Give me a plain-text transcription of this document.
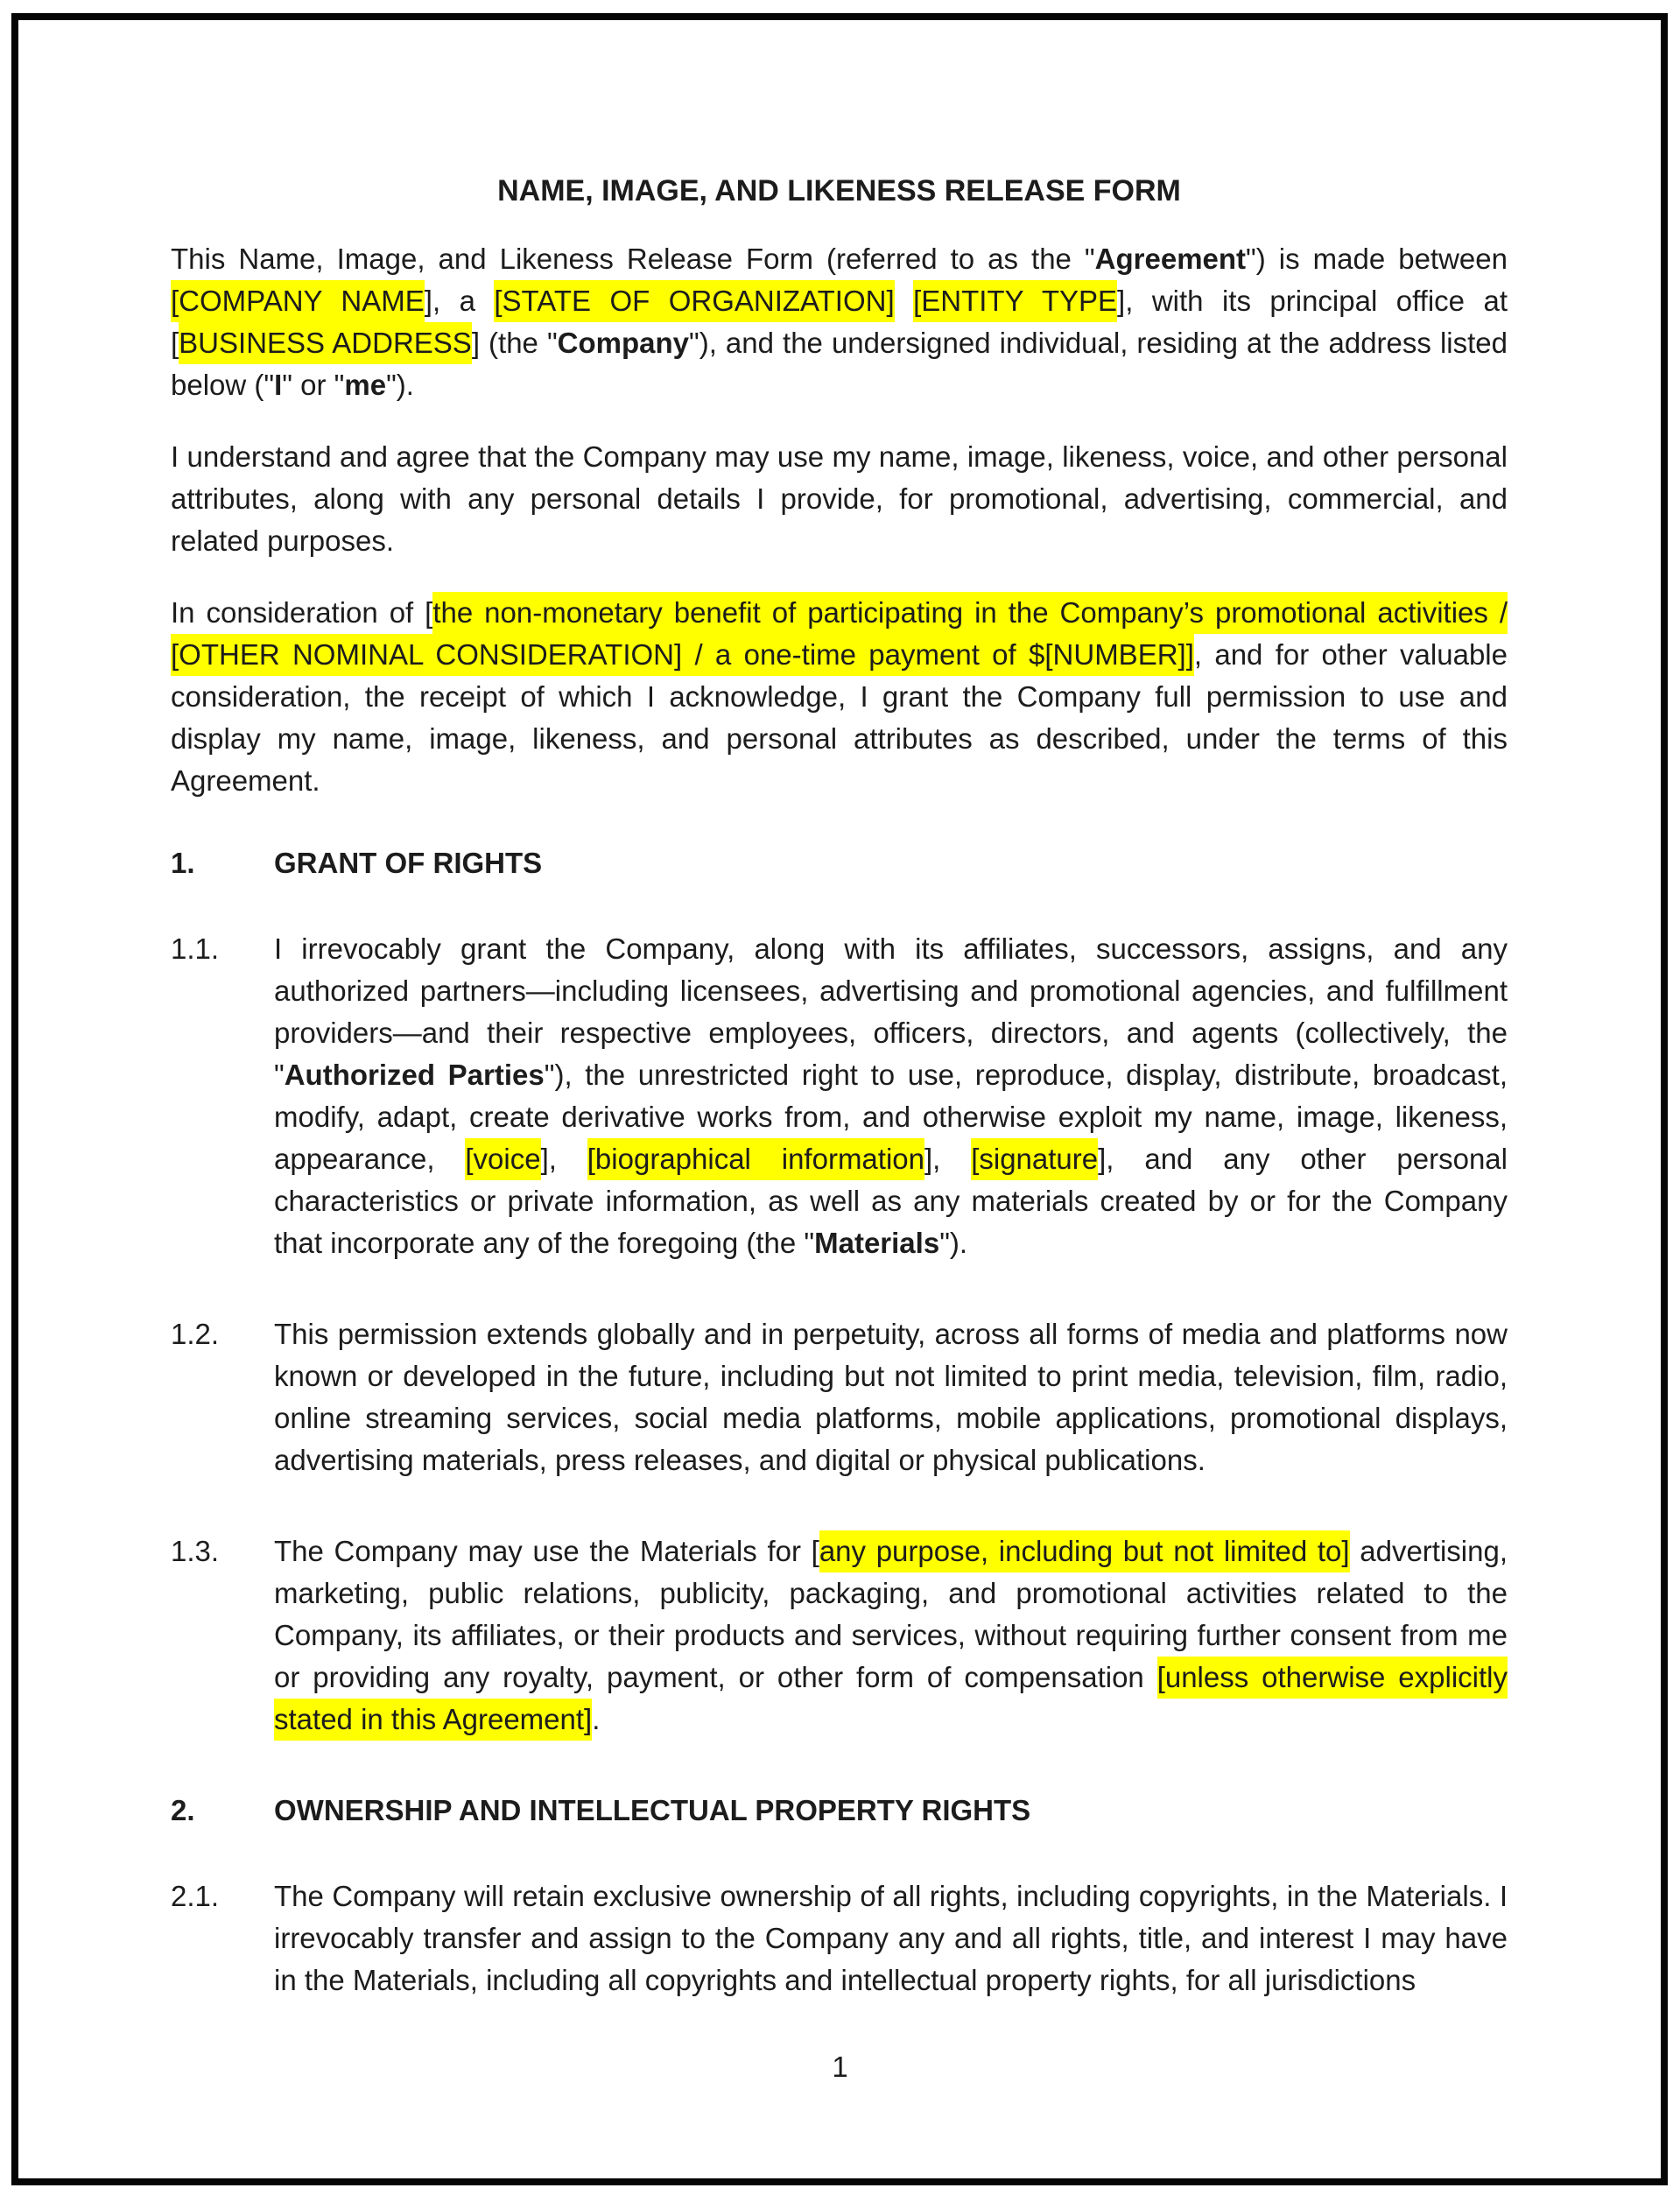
NAME, IMAGE, AND LIKENESS RELEASE FORM

This Name, Image, and Likeness Release Form (referred to as the "Agreement") is made between [COMPANY NAME], a [STATE OF ORGANIZATION] [ENTITY TYPE], with its principal office at [BUSINESS ADDRESS] (the "Company"), and the undersigned individual, residing at the address listed below ("I" or "me").

I understand and agree that the Company may use my name, image, likeness, voice, and other personal attributes, along with any personal details I provide, for promotional, advertising, commercial, and related purposes.

In consideration of [the non-monetary benefit of participating in the Company’s promotional activities / [OTHER NOMINAL CONSIDERATION] / a one-time payment of $[NUMBER]], and for other valuable consideration, the receipt of which I acknowledge, I grant the Company full permission to use and display my name, image, likeness, and personal attributes as described, under the terms of this Agreement.

1.	GRANT OF RIGHTS
1.1.	I irrevocably grant the Company, along with its affiliates, successors, assigns, and any authorized partners—including licensees, advertising and promotional agencies, and fulfillment providers—and their respective employees, officers, directors, and agents (collectively, the "Authorized Parties"), the unrestricted right to use, reproduce, display, distribute, broadcast, modify, adapt, create derivative works from, and otherwise exploit my name, image, likeness, appearance, [voice], [biographical information], [signature], and any other personal characteristics or private information, as well as any materials created by or for the Company that incorporate any of the foregoing (the "Materials").
1.2.	This permission extends globally and in perpetuity, across all forms of media and platforms now known or developed in the future, including but not limited to print media, television, film, radio, online streaming services, social media platforms, mobile applications, promotional displays, advertising materials, press releases, and digital or physical publications.
1.3.	The Company may use the Materials for [any purpose, including but not limited to] advertising, marketing, public relations, publicity, packaging, and promotional activities related to the Company, its affiliates, or their products and services, without requiring further consent from me or providing any royalty, payment, or other form of compensation [unless otherwise explicitly stated in this Agreement].
2.	OWNERSHIP AND INTELLECTUAL PROPERTY RIGHTS
2.1.	The Company will retain exclusive ownership of all rights, including copyrights, in the Materials. I irrevocably transfer and assign to the Company any and all rights, title, and interest I may have in the Materials, including all copyrights and intellectual property rights, for all jurisdictions
1
